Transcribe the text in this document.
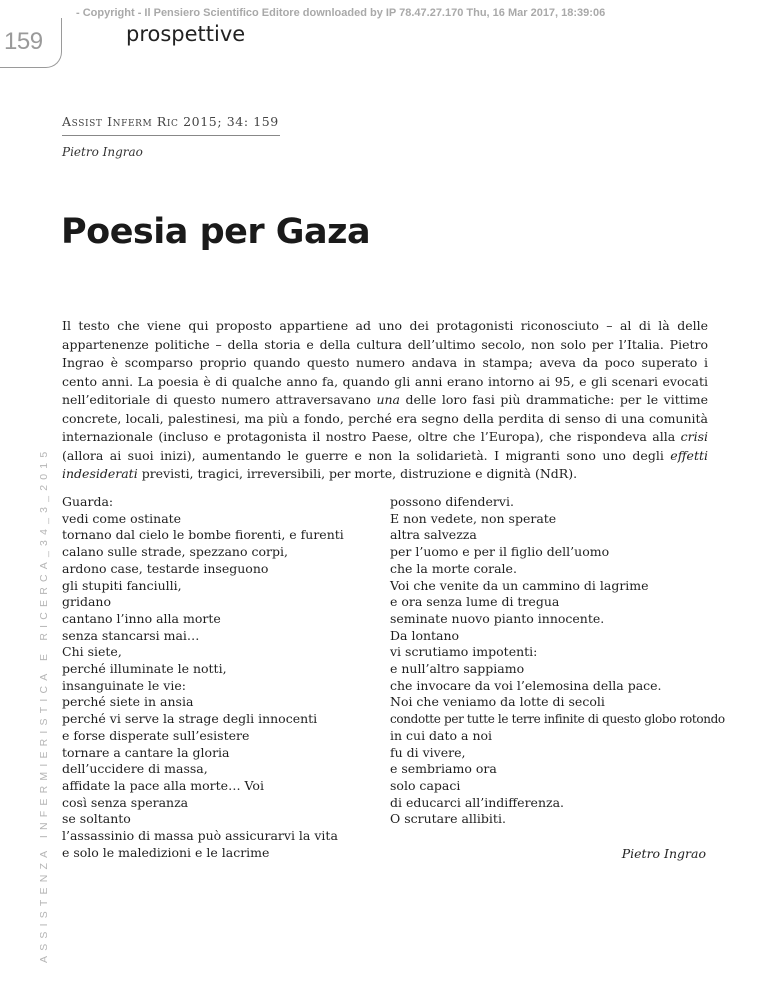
- Copyright - Il Pensiero Scientifico Editore downloaded by IP 78.47.27.170 Thu, 16 Mar 2017, 18:39:06
159	prospettive
Assist Inferm Ric 2015; 34: 159
Pietro Ingrao
Poesia per Gaza

Il testo che viene qui proposto appartiene ad uno dei protagonisti riconosciuto – al di là delle appartenenze politiche – della storia e della cultura dell’ultimo secolo, non solo per l’Italia. Pietro Ingrao è scomparso proprio quando questo numero andava in stampa; aveva da poco superato i cento anni. La poesia è di qualche anno fa, quando gli anni erano intorno ai 95, e gli scenari evocati nell’editoriale di questo numero attraversavano una delle loro fasi più drammatiche: per le vittime concrete, locali, palestinesi, ma più a fondo, perché era segno della perdita di senso di una comunità internazionale (incluso e protagonista il nostro Paese, oltre che l’Europa), che rispondeva alla crisi (allora ai suoi inizi), aumentando le guerre e non la solidarietà. I migranti sono uno degli effetti indesiderati previsti, tragici, irreversibili, per morte, distruzione e dignità (NdR).

ASSISTENZA INFERMIERISTICA E RICERCA_34_3_2015 Guarda:
vedi come ostinate
tornano dal cielo le bombe fiorenti, e furenti
calano sulle strade, spezzano corpi,
ardono case, testarde inseguono
gli stupiti fanciulli,
gridano
cantano l’inno alla morte
senza stancarsi mai…
Chi siete,
perché illuminate le notti,
insanguinate le vie:
perché siete in ansia
perché vi serve la strage degli innocenti
e forse disperate sull’esistere
tornare a cantare la gloria
dell’uccidere di massa,
affidate la pace alla morte… Voi
così senza speranza
se soltanto
l’assassinio di massa può assicurarvi la vita
e solo le maledizioni e le lacrime
possono difendervi.
E non vedete, non sperate
altra salvezza
per l’uomo e per il figlio dell’uomo
che la morte corale.
Voi che venite da un cammino di lagrime
e ora senza lume di tregua
seminate nuovo pianto innocente.
Da lontano
vi scrutiamo impotenti:
e null’altro sappiamo
che invocare da voi l’elemosina della pace.
Noi che veniamo da lotte di secoli
condotte per tutte le terre infinite di questo globo rotondo
in cui dato a noi
fu di vivere,
e sembriamo ora
solo capaci
di educarci all’indifferenza.
O scrutare allibiti.
Pietro Ingrao
